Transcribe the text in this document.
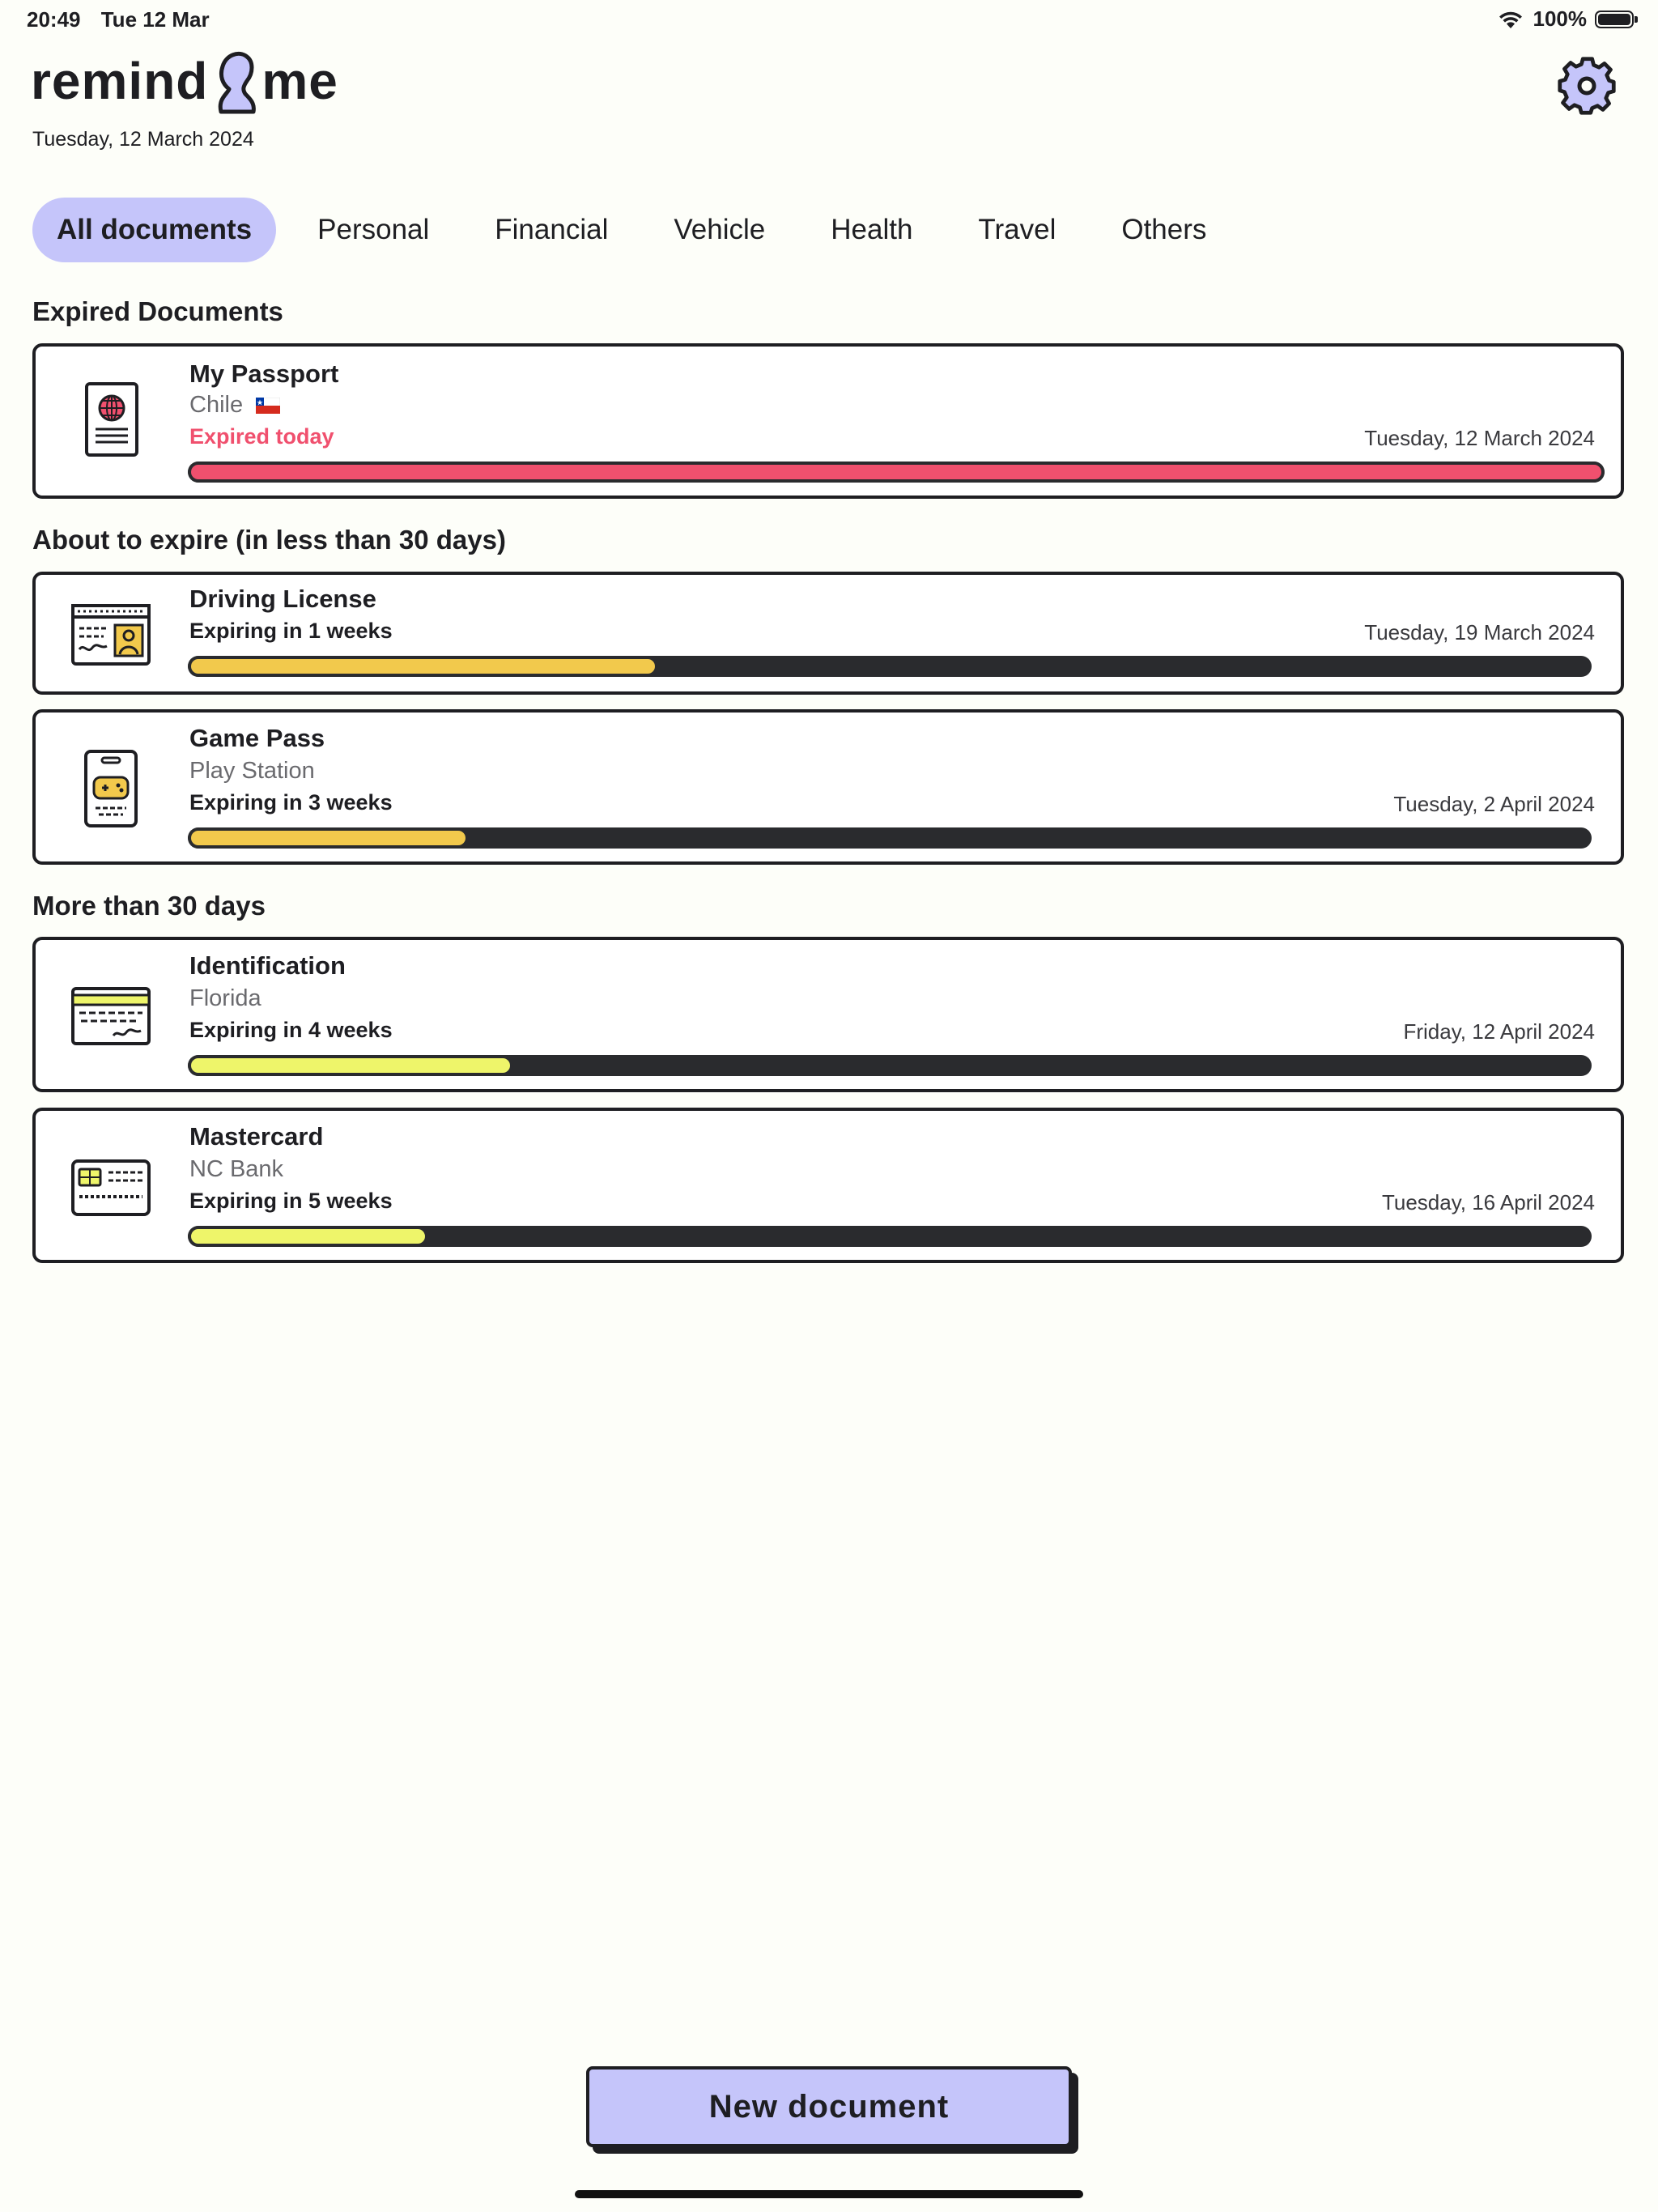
20:49 Tue 12 Mar	100%
remind me
Tuesday, 12 March 2024
All documents	Personal Financial Vehicle Health Travel Others
Expired Documents
My Passport
Chile
Expired today	Tuesday, 12 March 2024
About to expire (in less than 30 days)
Driving License
Expiring in 1 weeks	Tuesday, 19 March 2024
Game Pass
Play Station
Expiring in 3 weeks	Tuesday, 2 April 2024
More than 30 days
Identification
Florida
Expiring in 4 weeks	Friday, 12 April 2024
Mastercard
NC Bank
Expiring in 5 weeks	Tuesday, 16 April 2024
New document
